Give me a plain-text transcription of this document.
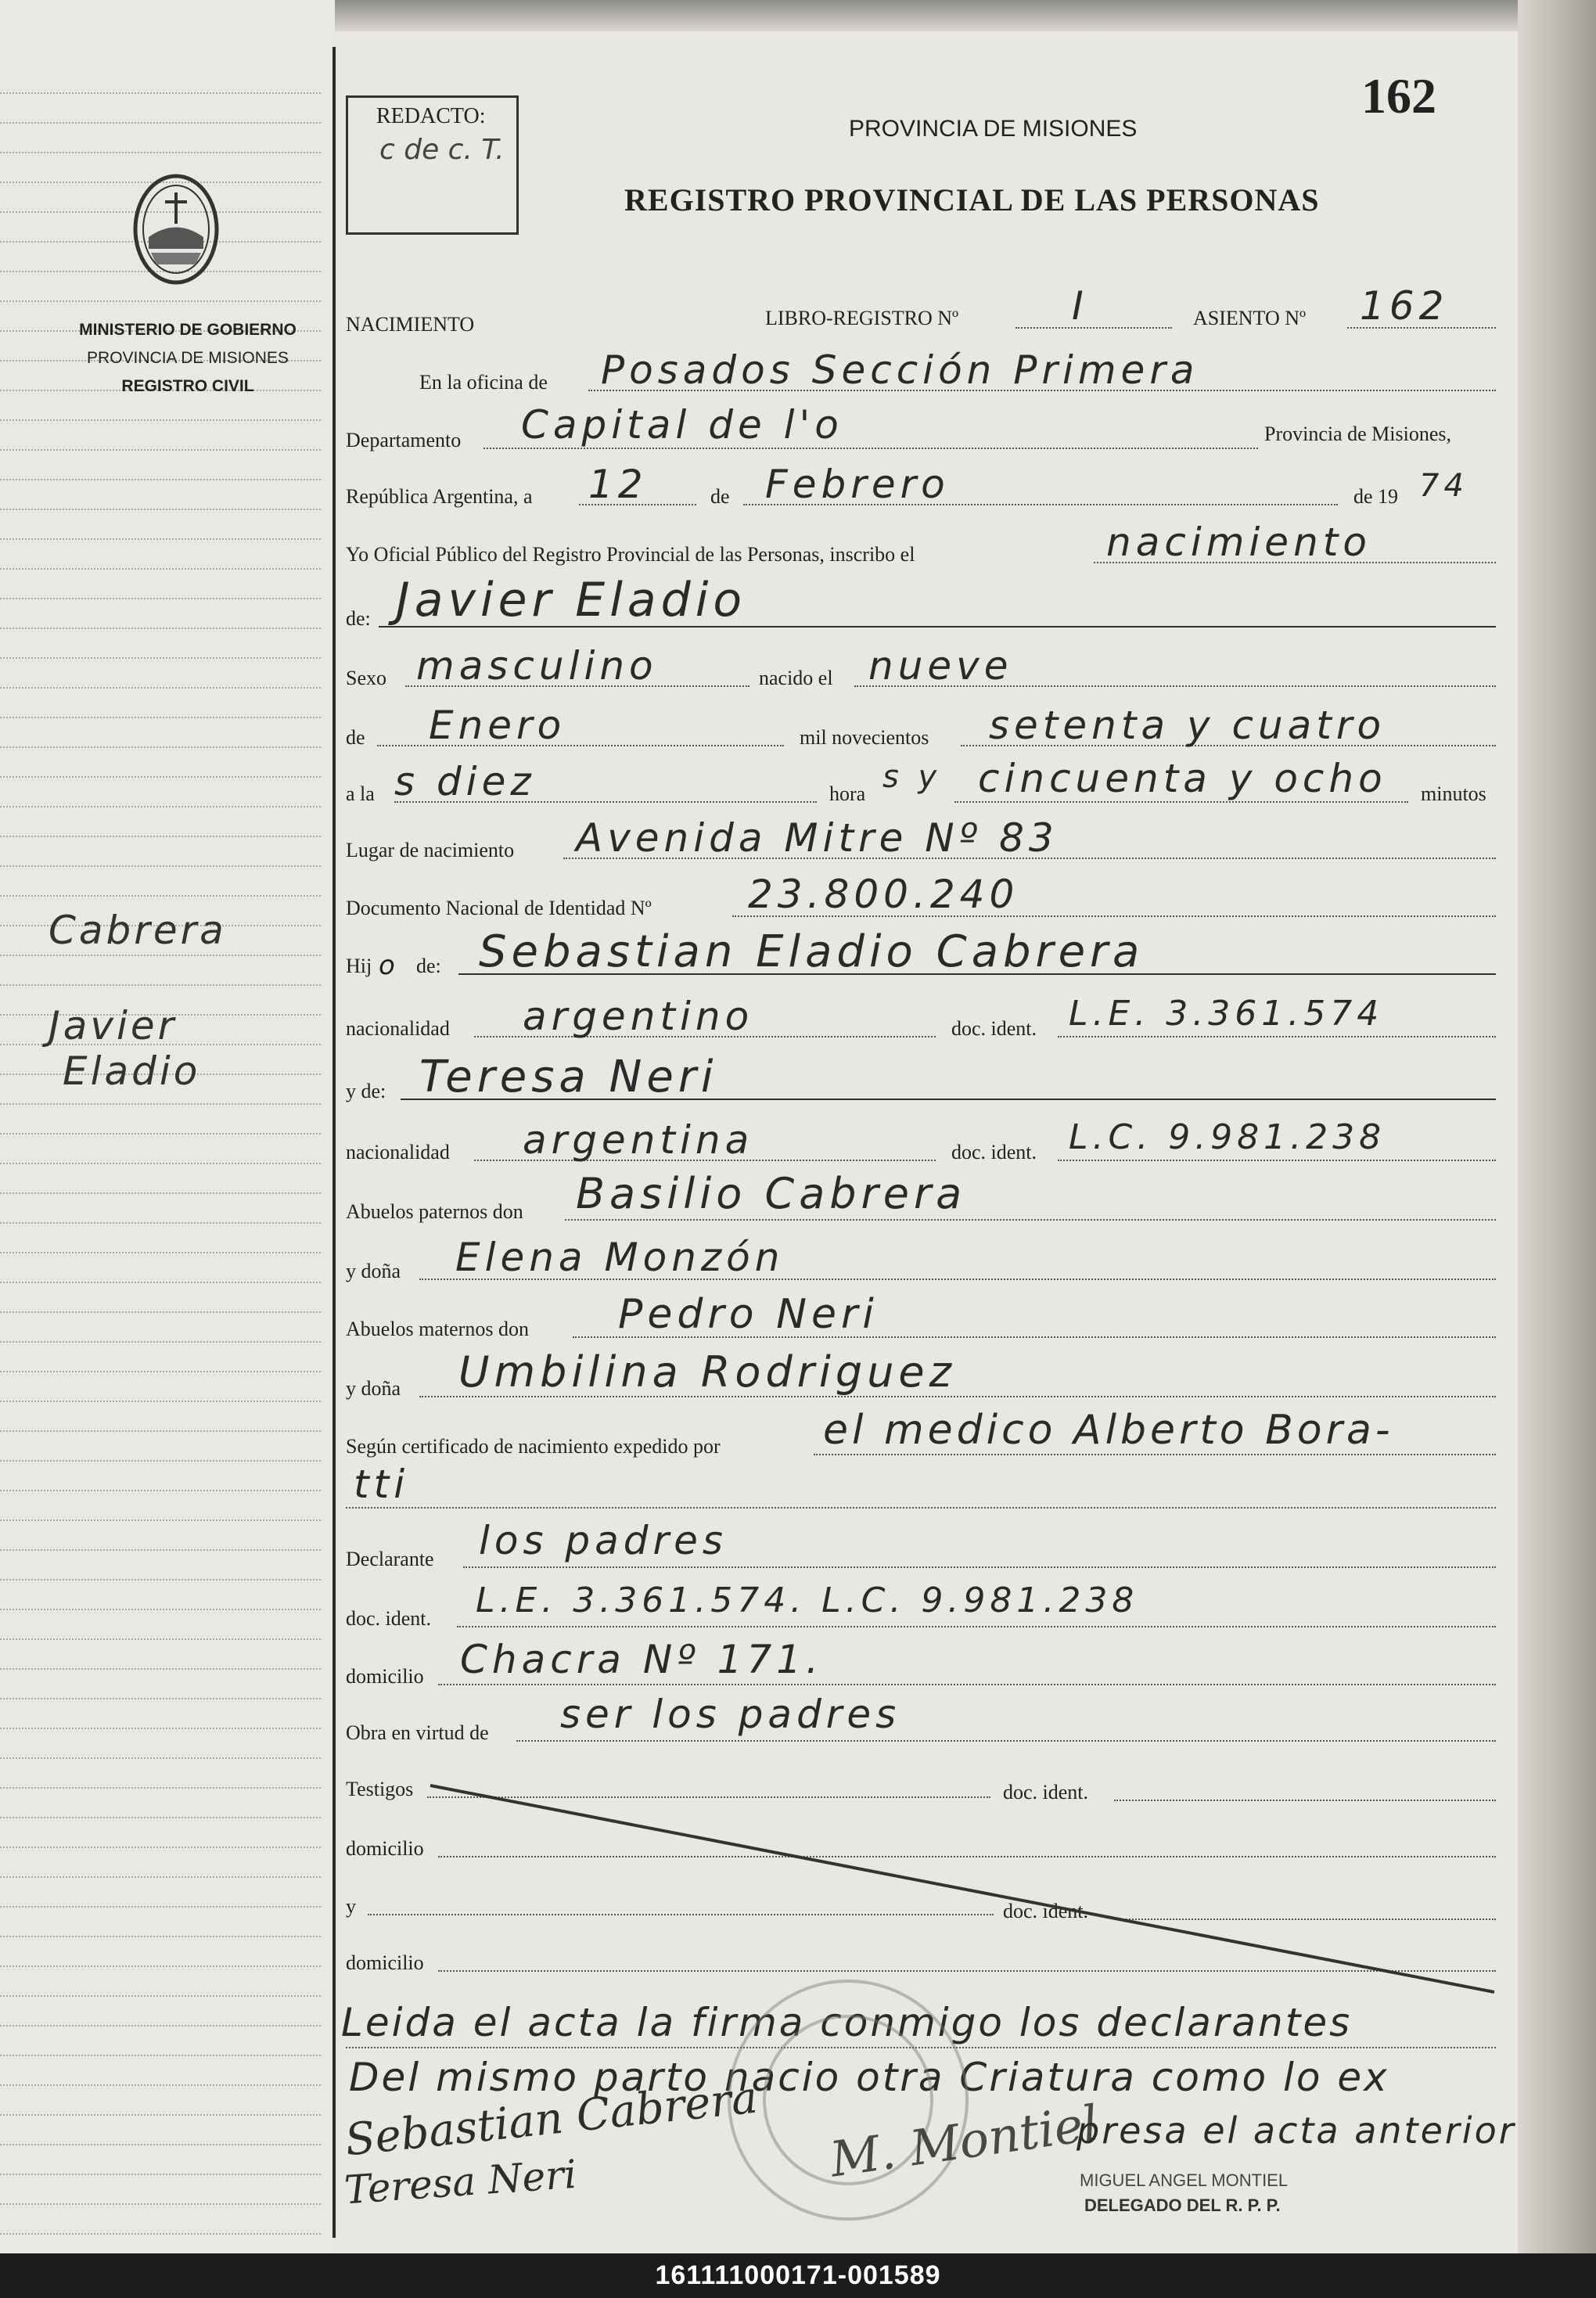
MINISTERIO DE GOBIERNO
PROVINCIA DE MISIONES
REGISTRO CIVIL
Cabrera
Javier
Eladio
REDACTO:
c de c. T.
162
PROVINCIA DE MISIONES
REGISTRO PROVINCIAL DE LAS PERSONAS
NACIMIENTO	LIBRO-REGISTRO Nº	I	ASIENTO Nº 162
En la oficina de Posados Sección Primera
Departamento Capital de l'o	Provincia de Misiones,
República Argentina, a 12	de Febrero	de 19 74
Yo Oficial Público del Registro Provincial de las Personas, inscribo el	nacimiento
de: Javier Eladio
Sexo masculino	nacido el nueve
de Enero	mil novecientos setenta y cuatro
a la s diez	hora s y cincuenta y ocho minutos
Lugar de nacimiento Avenida Mitre Nº 83
Documento Nacional de Identidad Nº 23.800.240
Hij o de: Sebastian Eladio Cabrera
nacionalidad argentino	doc. ident. L.E. 3.361.574
y de: Teresa Neri
nacionalidad argentina	doc. ident. L.C. 9.981.238
Abuelos paternos don Basilio Cabrera
y doña Elena Monzón
Abuelos maternos don Pedro Neri
y doña Umbilina Rodriguez
Según certificado de nacimiento expedido por	el medico Alberto Bora-
tti
Declarante los padres
doc. ident. L.E. 3.361.574. L.C. 9.981.238
domicilio Chacra Nº 171.
Obra en virtud de ser los padres
Testigos	doc. ident.
domicilio
y	doc. ident.
domicilio
Leida el acta la firma conmigo los declarantes
Del mismo parto nacio otra Criatura como lo ex
presa el acta anterior
Sebastian Cabrera
Teresa Neri	M. Montiel
MIGUEL ANGEL MONTIEL
DELEGADO DEL R. P. P.
161111000171-001589
